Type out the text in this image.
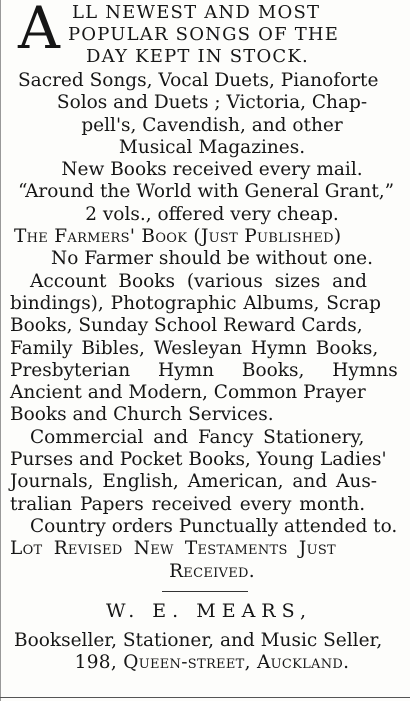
A LL NEWEST AND MOST
POPULAR SONGS OF THE
DAY KEPT IN STOCK.
Sacred Songs, Vocal Duets, Pianoforte
Solos and Duets ; Victoria, Chap-
pell's, Cavendish, and other
Musical Magazines.
New Books received every mail.
“Around the World with General Grant,”
2 vols., offered very cheap.
The Farmers' Book (Just Published)
No Farmer should be without one.
Account Books (various sizes and
bindings), Photographic Albums, Scrap
Books, Sunday School Reward Cards,
Family Bibles, Wesleyan Hymn Books,
Presbyterian Hymn Books, Hymns
Ancient and Modern, Common Prayer
Books and Church Services.
Commercial and Fancy Stationery,
Purses and Pocket Books, Young Ladies'
Journals, English, American, and Aus-
tralian Papers received every month.
Country orders Punctually attended to.
Lot Revised New Testaments Just
Received.
W. E. MEARS,
Bookseller, Stationer, and Music Seller,
198, Queen-street, Auckland.
